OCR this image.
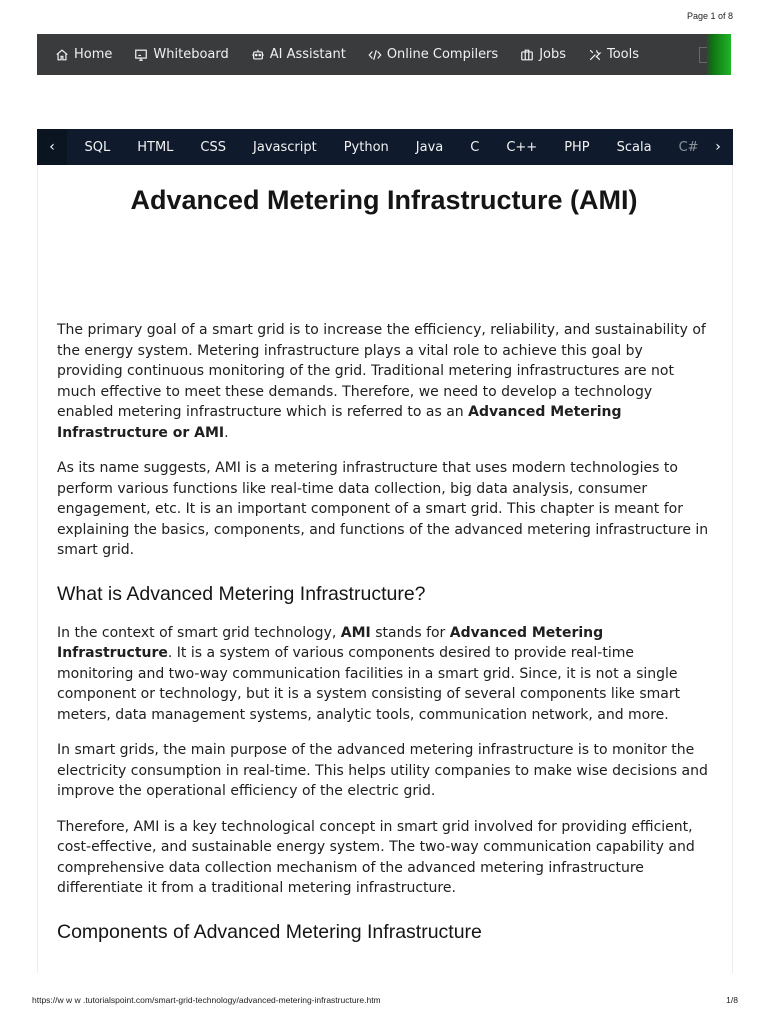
Page 1 of 8
Home	Whiteboard	AI Assistant	Online Compilers	Jobs	Tools
‹	SQL	HTML	CSS	Javascript	Python	Java	C	C++	PHP	Scala	C# ›
Advanced Metering Infrastructure (AMI)

The primary goal of a smart grid is to increase the efficiency, reliability, and sustainability of the energy system. Metering infrastructure plays a vital role to achieve this goal by providing continuous monitoring of the grid. Traditional metering infrastructures are not much effective to meet these demands. Therefore, we need to develop a technology enabled metering infrastructure which is referred to as an Advanced Metering Infrastructure or AMI.

As its name suggests, AMI is a metering infrastructure that uses modern technologies to perform various functions like real-time data collection, big data analysis, consumer engagement, etc. It is an important component of a smart grid. This chapter is meant for explaining the basics, components, and functions of the advanced metering infrastructure in smart grid.

What is Advanced Metering Infrastructure?

In the context of smart grid technology, AMI stands for Advanced Metering Infrastructure. It is a system of various components desired to provide real-time monitoring and two-way communication facilities in a smart grid. Since, it is not a single component or technology, but it is a system consisting of several components like smart meters, data management systems, analytic tools, communication network, and more.

In smart grids, the main purpose of the advanced metering infrastructure is to monitor the electricity consumption in real-time. This helps utility companies to make wise decisions and improve the operational efficiency of the electric grid.

Therefore, AMI is a key technological concept in smart grid involved for providing efficient, cost-effective, and sustainable energy system. The two-way communication capability and comprehensive data collection mechanism of the advanced metering infrastructure differentiate it from a traditional metering infrastructure.

Components of Advanced Metering Infrastructure
https://w w w .tutorialspoint.com/smart-grid-technology/advanced-metering-infrastructure.htm	1/8
